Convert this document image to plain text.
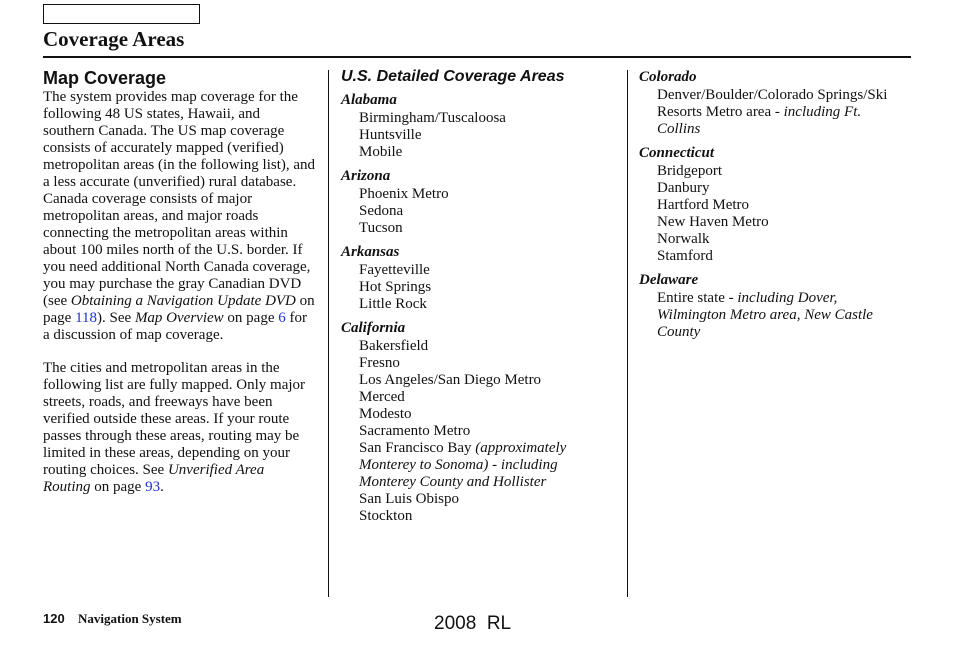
Coverage Areas
Map Coverage

The system provides map coverage for the following 48 US states, Hawaii, and southern Canada. The US map coverage consists of accurately mapped (verified) metropolitan areas (in the following list), and a less accurate (unverified) rural database. Canada coverage consists of major metropolitan areas, and major roads connecting the metropolitan areas within about 100 miles north of the U.S. border. If you need additional North Canada coverage, you may purchase the gray Canadian DVD (see Obtaining a Navigation Update DVD on page 118). See Map Overview on page 6 for a discussion of map coverage.

The cities and metropolitan areas in the following list are fully mapped. Only major streets, roads, and freeways have been verified outside these areas. If your route passes through these areas, routing may be limited in these areas, depending on your routing choices. See Unverified Area Routing on page 93.

U.S. Detailed Coverage Areas
Alabama
Birmingham/Tuscaloosa
Huntsville
Mobile
Arizona
Phoenix Metro
Sedona
Tucson
Arkansas
Fayetteville
Hot Springs
Little Rock
California
Bakersfield
Fresno
Los Angeles/San Diego Metro
Merced
Modesto
Sacramento Metro
San Francisco Bay (approximately Monterey to Sonoma) - including Monterey County and Hollister
San Luis Obispo
Stockton
Colorado
Denver/Boulder/Colorado Springs/Ski Resorts Metro area - including Ft. Collins
Connecticut
Bridgeport
Danbury
Hartford Metro
New Haven Metro
Norwalk
Stamford
Delaware
Entire state - including Dover, Wilmington Metro area, New Castle County
120 Navigation System	2008  RL
